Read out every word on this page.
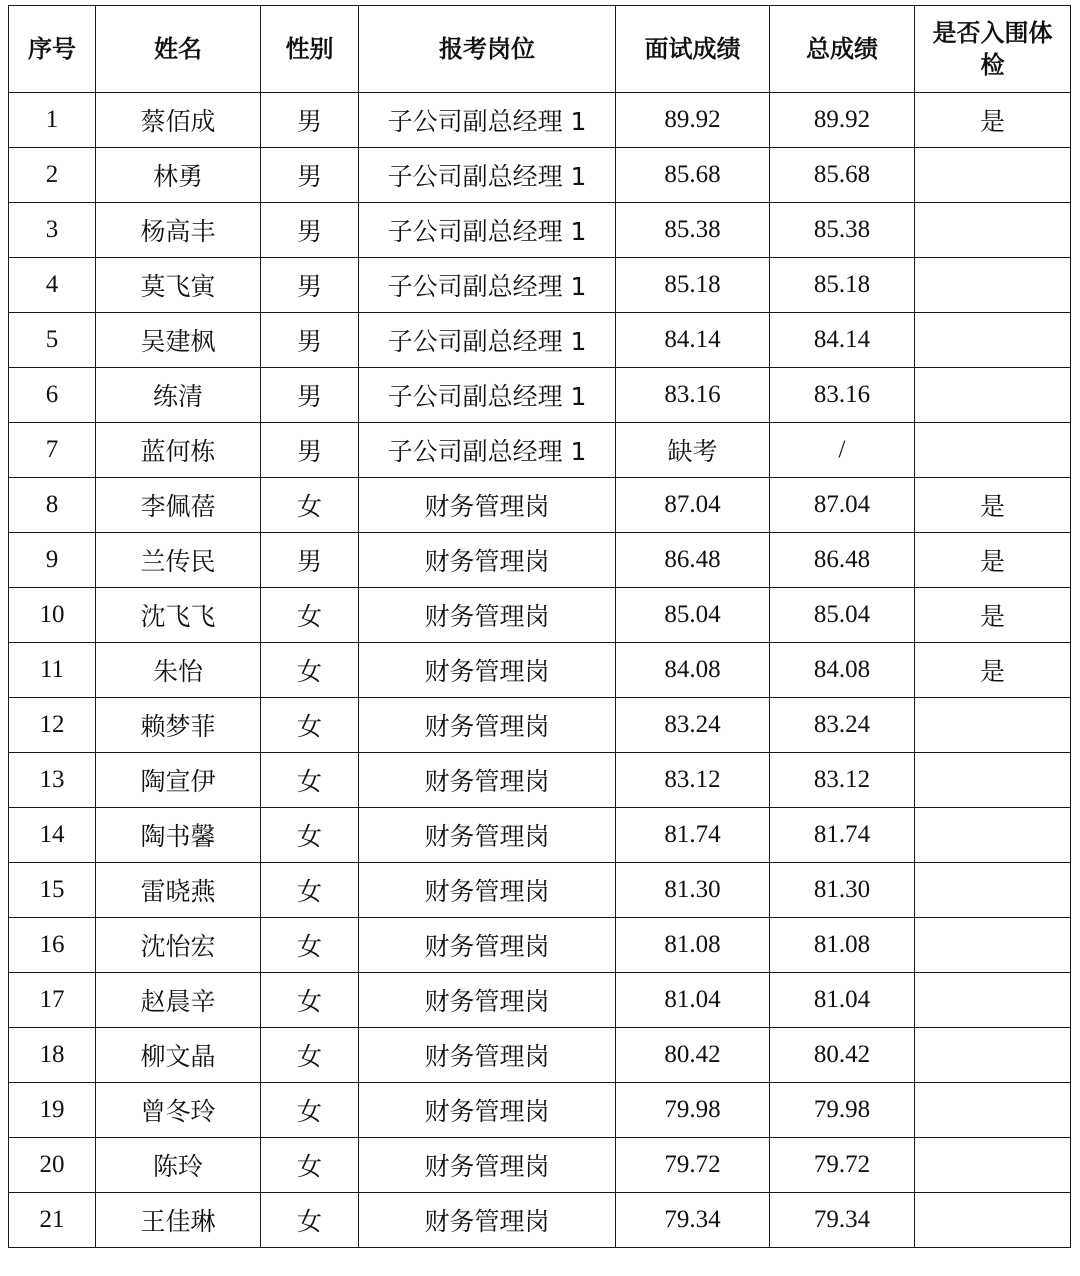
序号	姓名	性别	报考岗位	面试成绩	总成绩	是否入围体检
1	蔡佰成	男	子公司副总经理 1	89.92	89.92	是
2	林勇	男	子公司副总经理 1	85.68	85.68	
3	杨高丰	男	子公司副总经理 1	85.38	85.38	
4	莫飞寅	男	子公司副总经理 1	85.18	85.18	
5	吴建枫	男	子公司副总经理 1	84.14	84.14	
6	练清	男	子公司副总经理 1	83.16	83.16	
7	蓝何栋	男	子公司副总经理 1	缺考	/	
8	李佩蓓	女	财务管理岗	87.04	87.04	是
9	兰传民	男	财务管理岗	86.48	86.48	是
10	沈飞飞	女	财务管理岗	85.04	85.04	是
11	朱怡	女	财务管理岗	84.08	84.08	是
12	赖梦菲	女	财务管理岗	83.24	83.24	
13	陶宣伊	女	财务管理岗	83.12	83.12	
14	陶书馨	女	财务管理岗	81.74	81.74	
15	雷晓燕	女	财务管理岗	81.30	81.30	
16	沈怡宏	女	财务管理岗	81.08	81.08	
17	赵晨辛	女	财务管理岗	81.04	81.04	
18	柳文晶	女	财务管理岗	80.42	80.42	
19	曾冬玲	女	财务管理岗	79.98	79.98	
20	陈玲	女	财务管理岗	79.72	79.72	
21	王佳琳	女	财务管理岗	79.34	79.34	
